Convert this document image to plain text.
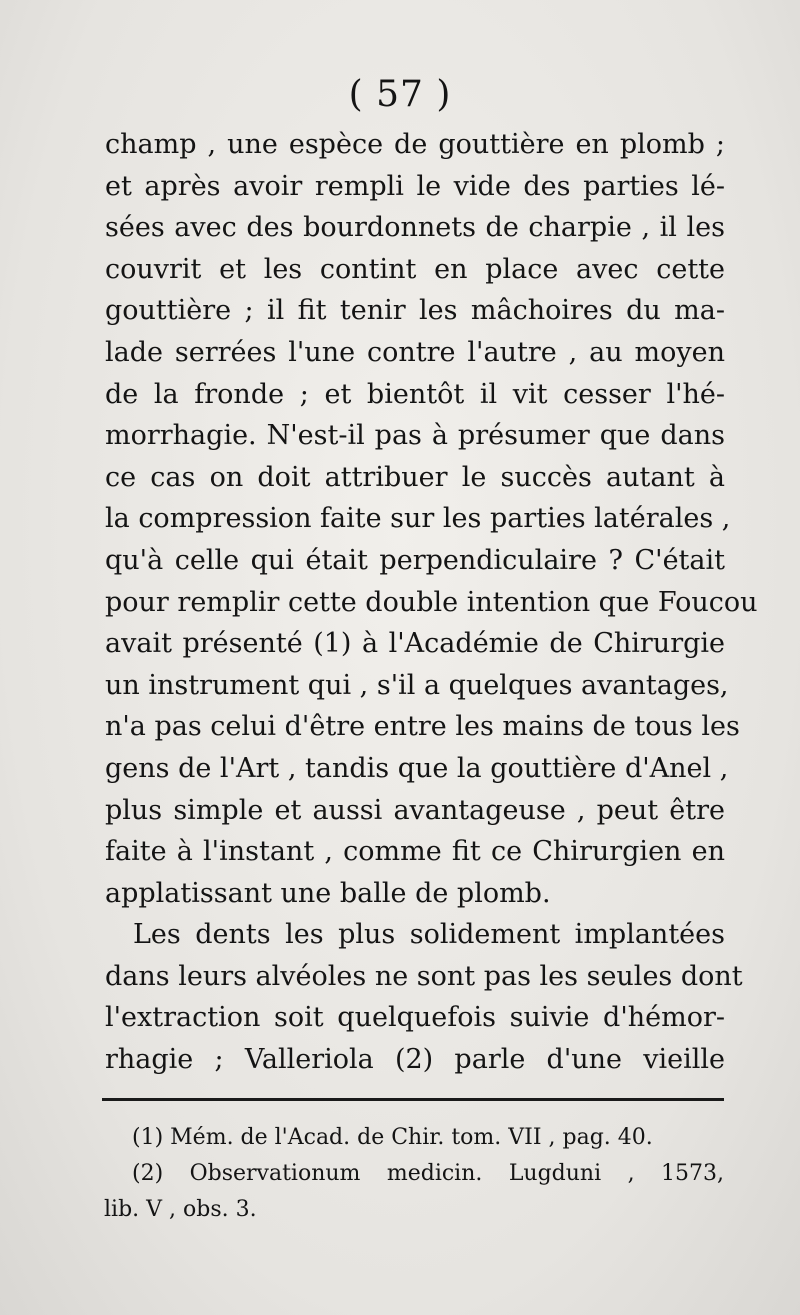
( 57 )
champ , une espèce de gouttière en plomb ;
et après avoir rempli le vide des parties lé-
sées avec des bourdonnets de charpie , il les
couvrit et les contint en place avec cette
gouttière ; il fit tenir les mâchoires du ma-
lade serrées l'une contre l'autre , au moyen
de la fronde ; et bientôt il vit cesser l'hé-
morrhagie. N'est-il pas à présumer que dans
ce cas on doit attribuer le succès autant à
la compression faite sur les parties latérales ,
qu'à celle qui était perpendiculaire ? C'était
pour remplir cette double intention que Foucou
avait présenté (1) à l'Académie de Chirurgie
un instrument qui , s'il a quelques avantages,
n'a pas celui d'être entre les mains de tous les
gens de l'Art , tandis que la gouttière d'Anel ,
plus simple et aussi avantageuse , peut être
faite à l'instant , comme fit ce Chirurgien en
applatissant une balle de plomb.
Les dents les plus solidement implantées
dans leurs alvéoles ne sont pas les seules dont
l'extraction soit quelquefois suivie d'hémor-
rhagie ; Valleriola (2) parle d'une vieille
(1) Mém. de l'Acad. de Chir. tom. VII , pag. 40.
(2) Observationum medicin. Lugduni , 1573,
lib. V , obs. 3.
